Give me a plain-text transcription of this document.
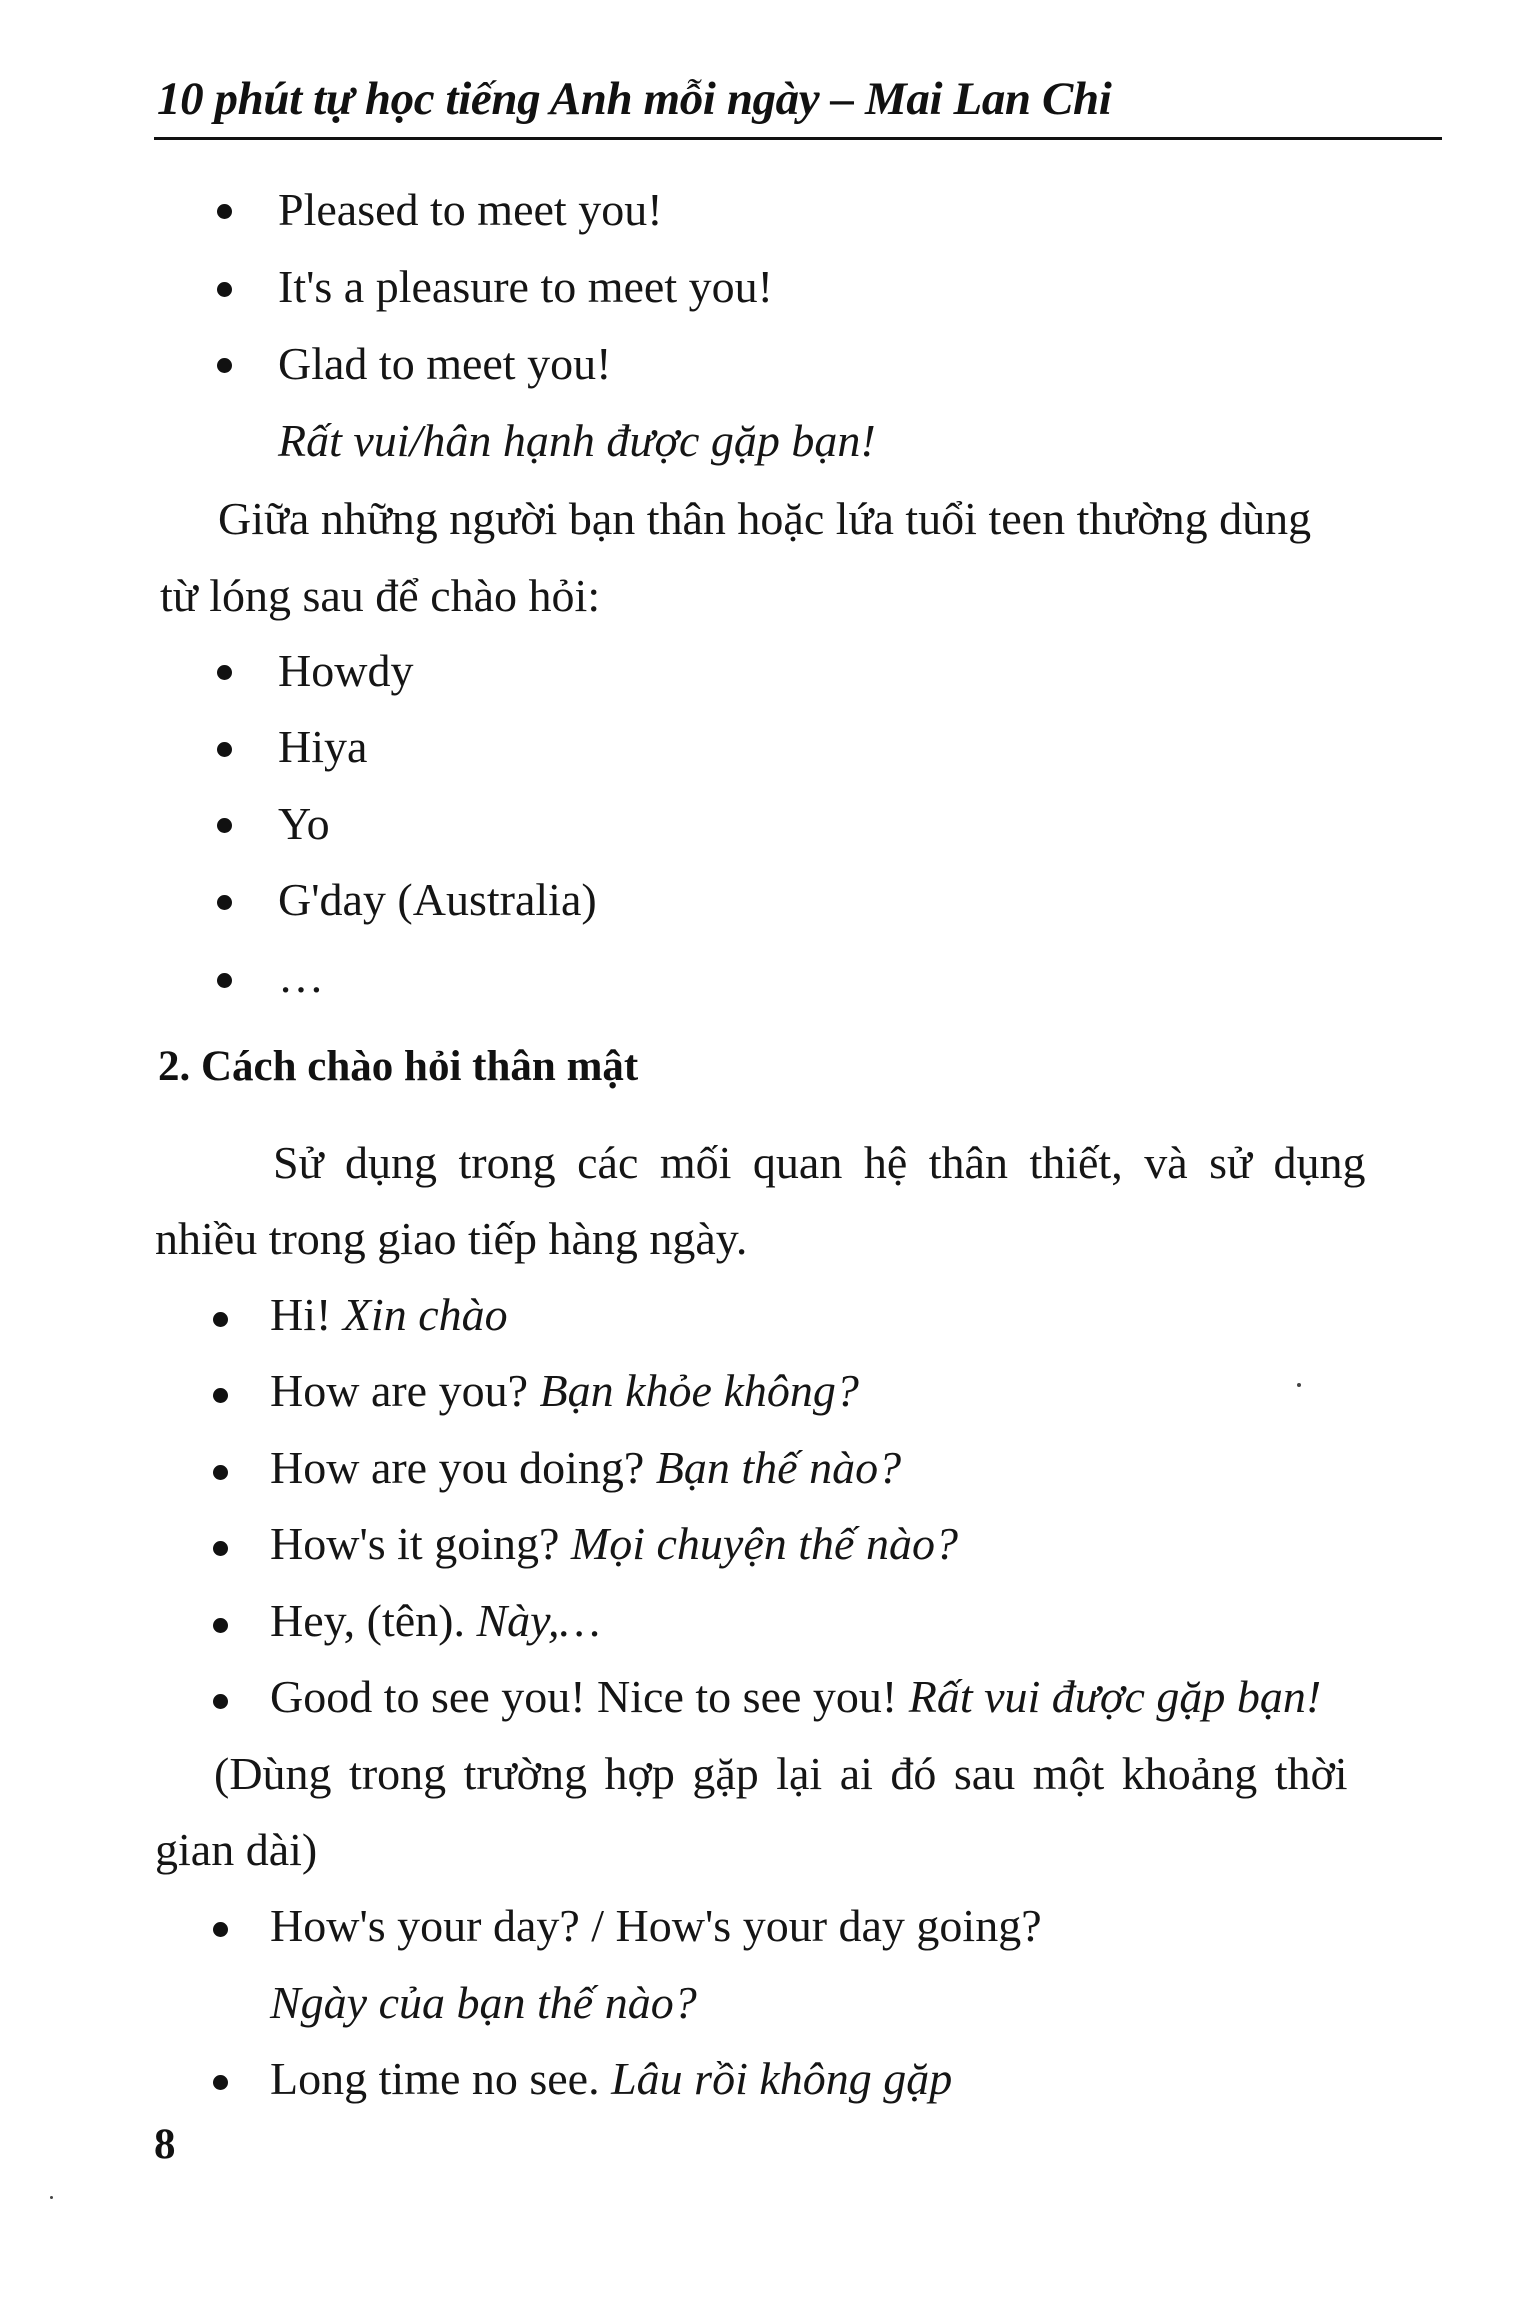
10 phút tự học tiếng Anh mỗi ngày – Mai Lan Chi
Pleased to meet you!
It's a pleasure to meet you!
Glad to meet you!
Rất vui/hân hạnh được gặp bạn!
Giữa những người bạn thân hoặc lứa tuổi teen thường dùng
từ lóng sau để chào hỏi:
Howdy
Hiya
Yo
G'day (Australia)
…
2. Cách chào hỏi thân mật
Sử dụng trong các mối quan hệ thân thiết, và sử dụng
nhiều trong giao tiếp hàng ngày.
Hi! Xin chào
How are you? Bạn khỏe không?
How are you doing? Bạn thế nào?
How's it going? Mọi chuyện thế nào?
Hey, (tên). Này,…
Good to see you! Nice to see you! Rất vui được gặp bạn!
(Dùng trong trường hợp gặp lại ai đó sau một khoảng thời
gian dài)
How's your day? / How's your day going?
Ngày của bạn thế nào?
Long time no see. Lâu rồi không gặp
8
